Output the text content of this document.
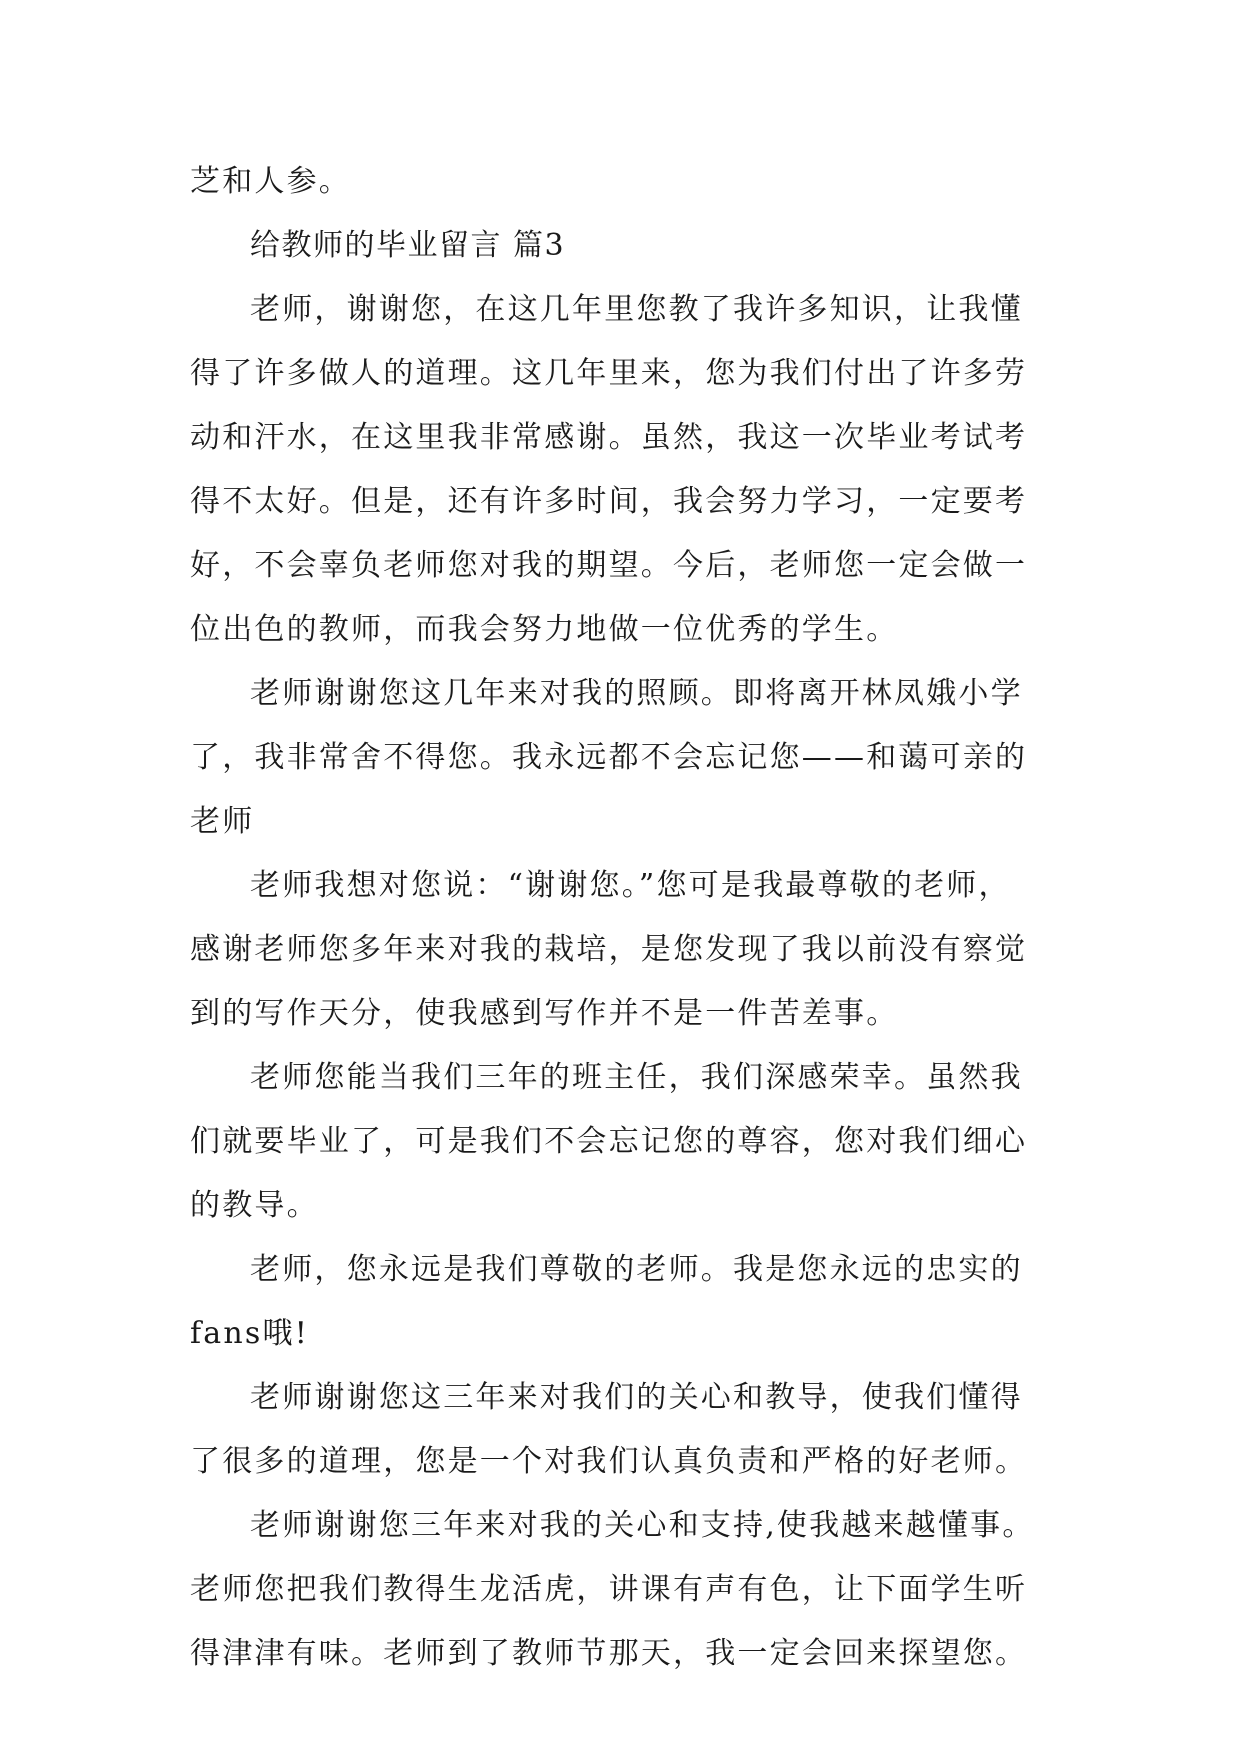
芝和人参。
给教师的毕业留言 篇3
老师，谢谢您，在这几年里您教了我许多知识，让我懂
得了许多做人的道理。这几年里来，您为我们付出了许多劳
动和汗水，在这里我非常感谢。虽然，我这一次毕业考试考
得不太好。但是，还有许多时间，我会努力学习，一定要考
好，不会辜负老师您对我的期望。今后，老师您一定会做一
位出色的教师，而我会努力地做一位优秀的学生。
老师谢谢您这几年来对我的照顾。即将离开林凤娥小学
了，我非常舍不得您。我永远都不会忘记您——和蔼可亲的
老师
老师我想对您说：“谢谢您。”您可是我最尊敬的老师，
感谢老师您多年来对我的栽培，是您发现了我以前没有察觉
到的写作天分，使我感到写作并不是一件苦差事。
老师您能当我们三年的班主任，我们深感荣幸。虽然我
们就要毕业了，可是我们不会忘记您的尊容，您对我们细心
的教导。
老师，您永远是我们尊敬的老师。我是您永远的忠实的
fans哦!
老师谢谢您这三年来对我们的关心和教导，使我们懂得
了很多的道理，您是一个对我们认真负责和严格的好老师。
老师谢谢您三年来对我的关心和支持,使我越来越懂事。
老师您把我们教得生龙活虎，讲课有声有色，让下面学生听
得津津有味。老师到了教师节那天，我一定会回来探望您。
